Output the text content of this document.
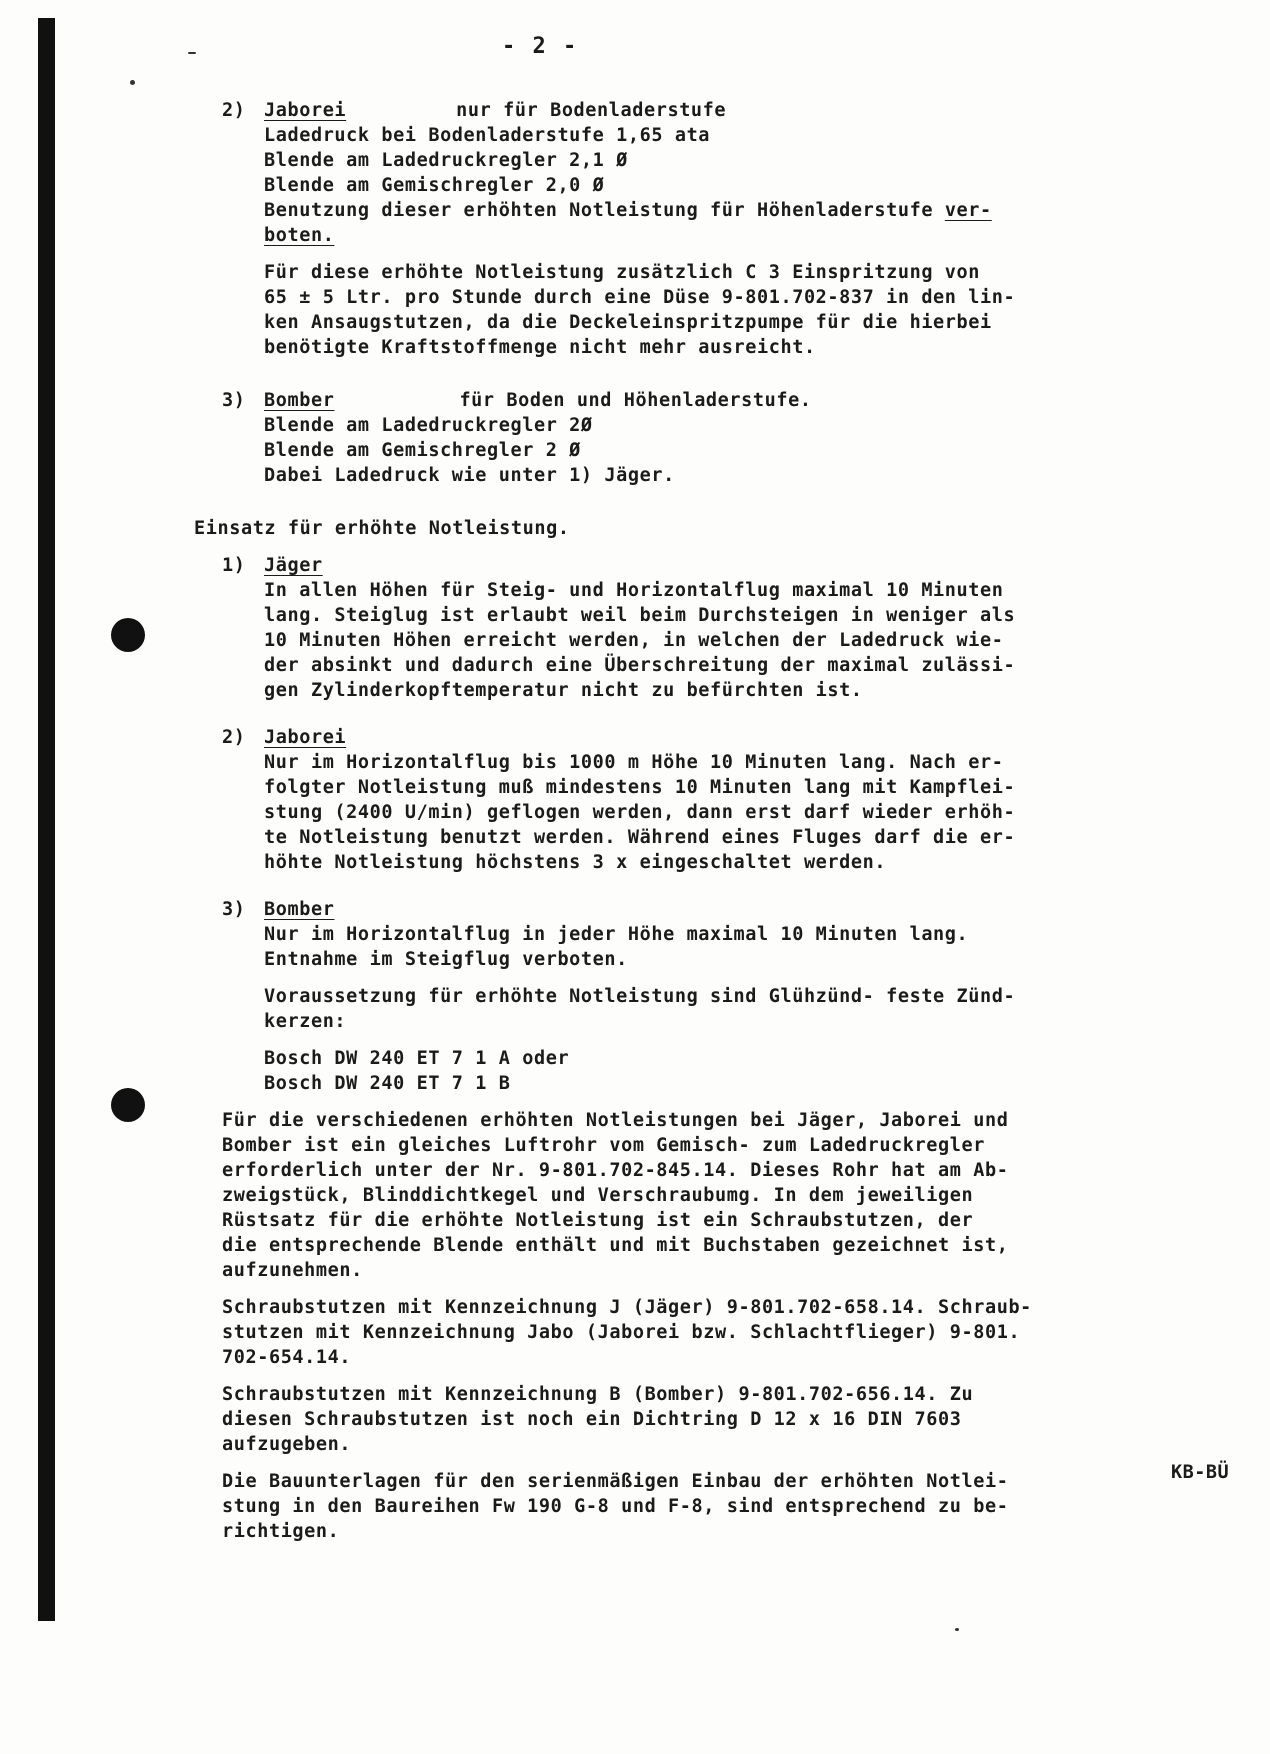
- 2 -
2)	Jaborei	nur für Bodenladerstufe
Ladedruck bei Bodenladerstufe 1,65 ata
Blende am Ladedruckregler 2,1 Ø
Blende am Gemischregler 2,0 Ø
Benutzung dieser erhöhten Notleistung für Höhenladerstufe ver-
boten.
Für diese erhöhte Notleistung zusätzlich C 3 Einspritzung von
65 ± 5 Ltr. pro Stunde durch eine Düse 9-801.702-837 in den lin-
ken Ansaugstutzen, da die Deckeleinspritzpumpe für die hierbei
benötigte Kraftstoffmenge nicht mehr ausreicht.
3)	Bomber	für Boden und Höhenladerstufe.
Blende am Ladedruckregler 2Ø
Blende am Gemischregler 2 Ø
Dabei Ladedruck wie unter 1) Jäger.
Einsatz für erhöhte Notleistung.
1)	Jäger
In allen Höhen für Steig- und Horizontalflug maximal 10 Minuten
lang. Steiglug ist erlaubt weil beim Durchsteigen in weniger als
10 Minuten Höhen erreicht werden, in welchen der Ladedruck wie-
der absinkt und dadurch eine Überschreitung der maximal zulässi-
gen Zylinderkopftemperatur nicht zu befürchten ist.
2)	Jaborei
Nur im Horizontalflug bis 1000 m Höhe 10 Minuten lang. Nach er-
folgter Notleistung muß mindestens 10 Minuten lang mit Kampflei-
stung (2400 U/min) geflogen werden, dann erst darf wieder erhöh-
te Notleistung benutzt werden. Während eines Fluges darf die er-
höhte Notleistung höchstens 3 x eingeschaltet werden.
3)	Bomber
Nur im Horizontalflug in jeder Höhe maximal 10 Minuten lang.
Entnahme im Steigflug verboten.
Voraussetzung für erhöhte Notleistung sind Glühzünd- feste Zünd-
kerzen:
Bosch DW 240 ET 7 1 A oder
Bosch DW 240 ET 7 1 B
Für die verschiedenen erhöhten Notleistungen bei Jäger, Jaborei und
Bomber ist ein gleiches Luftrohr vom Gemisch- zum Ladedruckregler
erforderlich unter der Nr. 9-801.702-845.14. Dieses Rohr hat am Ab-
zweigstück, Blinddichtkegel und Verschraubumg. In dem jeweiligen
Rüstsatz für die erhöhte Notleistung ist ein Schraubstutzen, der
die entsprechende Blende enthält und mit Buchstaben gezeichnet ist,
aufzunehmen.
Schraubstutzen mit Kennzeichnung J (Jäger) 9-801.702-658.14. Schraub-
stutzen mit Kennzeichnung Jabo (Jaborei bzw. Schlachtflieger) 9-801.
702-654.14.
Schraubstutzen mit Kennzeichnung B (Bomber) 9-801.702-656.14. Zu
diesen Schraubstutzen ist noch ein Dichtring D 12 x 16 DIN 7603
aufzugeben.
Die Bauunterlagen für den serienmäßigen Einbau der erhöhten Notlei-
stung in den Baureihen Fw 190 G-8 und F-8, sind entsprechend zu be-
richtigen.
KB-BÜ
